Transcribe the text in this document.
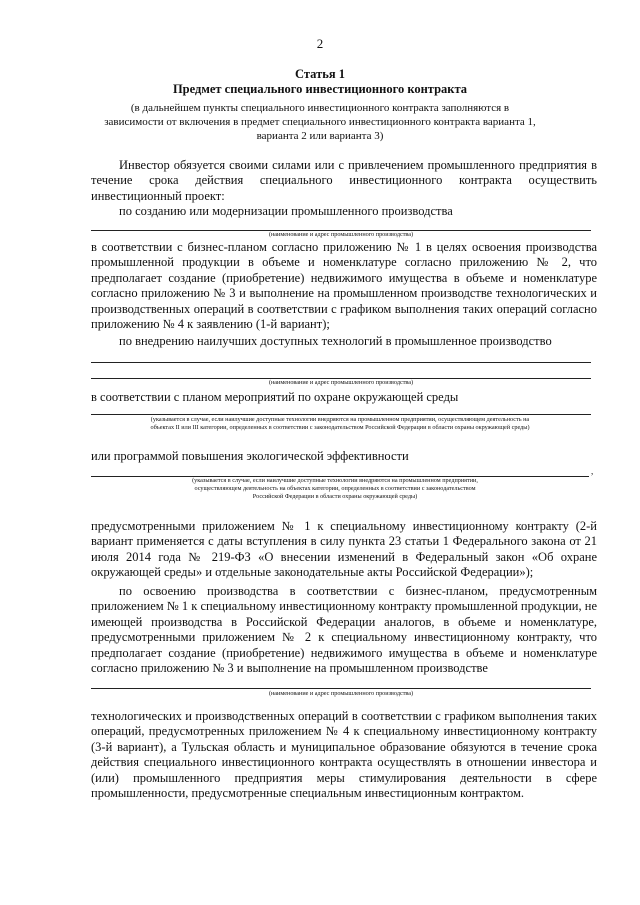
2
Статья 1
Предмет специального инвестиционного контракта
(в дальнейшем пункты специального инвестиционного контракта заполняются в зависимости от включения в предмет специального инвестиционного контракта варианта 1, варианта 2 или варианта 3)
Инвестор обязуется своими силами или с привлечением промышленного предприятия в течение срока действия специального инвестиционного контракта осуществить инвестиционный проект:
по созданию или модернизации промышленного производства
(наименование и адрес промышленного производства)
в соответствии с бизнес-планом согласно приложению № 1 в целях освоения производства промышленной продукции в объеме и номенклатуре согласно приложению № 2, что предполагает создание (приобретение) недвижимого имущества в объеме и номенклатуре согласно приложению № 3 и выполнение на промышленном производстве технологических и производственных операций в соответствии с графиком выполнения таких операций согласно приложению № 4 к заявлению (1-й вариант);
по внедрению наилучших доступных технологий в промышленное производство
(наименование и адрес промышленного производства)
в соответствии с планом мероприятий по охране окружающей среды
(указывается в случае, если наилучшие доступные технологии внедряются на промышленном предприятии, осуществляющем деятельность на объектах II или III категории, определенных в соответствии с законодательством Российской Федерации в области охраны окружающей среды)
или программой повышения экологической эффективности
,
(указывается в случае, если наилучшие доступные технологии внедряются на промышленном предприятии, осуществляющем деятельность на объектах категории, определенных в соответствии с законодательством Российской Федерации в области охраны окружающей среды)
предусмотренными приложением № 1 к специальному инвестиционному контракту (2-й вариант применяется с даты вступления в силу пункта 23 статьи 1 Федерального закона от 21 июля 2014 года № 219-ФЗ «О внесении изменений в Федеральный закон «Об охране окружающей среды» и отдельные законодательные акты Российской Федерации»);
по освоению производства в соответствии с бизнес-планом, предусмотренным приложением № 1 к специальному инвестиционному контракту промышленной продукции, не имеющей производства в Российской Федерации аналогов, в объеме и номенклатуре, предусмотренными приложением № 2 к специальному инвестиционному контракту, что предполагает создание (приобретение) недвижимого имущества в объеме и номенклатуре согласно приложению № 3 и выполнение на промышленном производстве
(наименование и адрес промышленного производства)
технологических и производственных операций в соответствии с графиком выполнения таких операций, предусмотренных приложением № 4 к специальному инвестиционному контракту (3-й вариант), а Тульская область и муниципальное образование обязуются в течение срока действия специального инвестиционного контракта осуществлять в отношении инвестора и (или) промышленного предприятия меры стимулирования деятельности в сфере промышленности, предусмотренные специальным инвестиционным контрактом.
